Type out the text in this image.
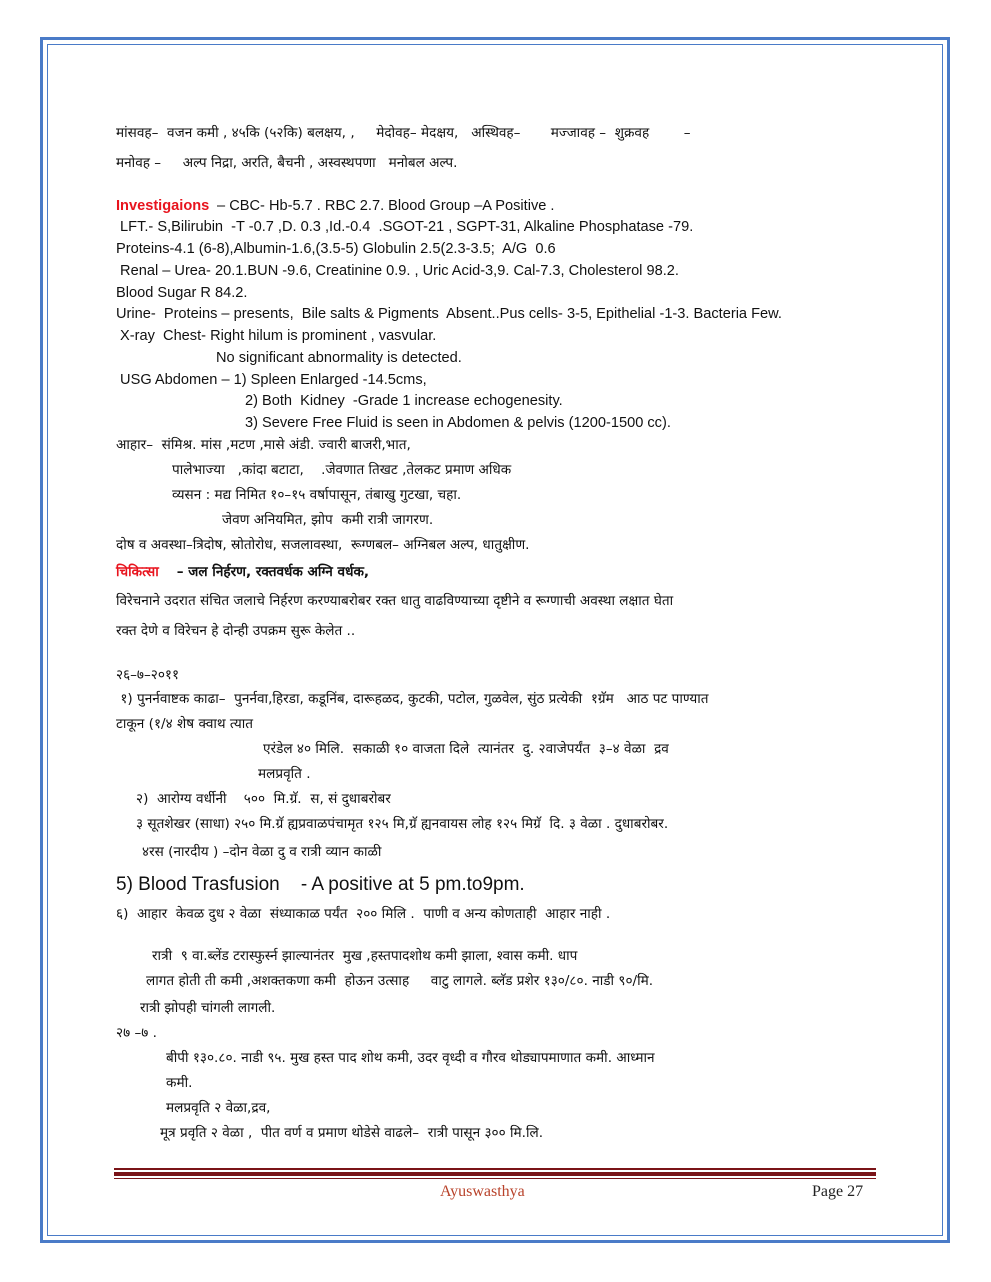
मांसवह–  वजन कमी , ४५कि (५२कि) बलक्षय, ,     मेदोवह– मेदक्षय,   अस्थिवह–       मज्जावह –  शुक्रवह        –
मनोवह –     अल्प निद्रा, अरति, बैचनी , अस्वस्थपणा   मनोबल अल्प.
Investigaions – CBC- Hb-5.7 . RBC 2.7. Blood Group –A Positive .
LFT.- S,Bilirubin  -T -0.7 ,D. 0.3 ,Id.-0.4  .SGOT-21 , SGPT-31, Alkaline Phosphatase -79.
Proteins-4.1 (6-8),Albumin-1.6,(3.5-5) Globulin 2.5(2.3-3.5;  A/G  0.6
Renal – Urea- 20.1.BUN -9.6, Creatinine 0.9. , Uric Acid-3,9. Cal-7.3, Cholesterol 98.2.
Blood Sugar R 84.2.
Urine-  Proteins – presents,  Bile salts & Pigments  Absent..Pus cells- 3-5, Epithelial -1-3. Bacteria Few.
X-ray  Chest- Right hilum is prominent , vasvular.
No significant abnormality is detected.
USG Abdomen – 1) Spleen Enlarged -14.5cms,
2) Both  Kidney  -Grade 1 increase echogenesity.
3) Severe Free Fluid is seen in Abdomen & pelvis (1200-1500 cc).
आहार–  संमिश्र. मांस ,मटण ,मासे अंडी. ज्वारी बाजरी,भात,
पालेभाज्या   ,कांदा बटाटा,    .जेवणात तिखट ,तेलकट प्रमाण अधिक
व्यसन : मद्य निमित १०–१५ वर्षापासून, तंबाखु गुटखा, चहा.
जेवण अनियमित, झोप  कमी रात्री जागरण.
दोष व अवस्था–त्रिदोष, स्रोतोरोध, सजलावस्था,  रूग्णबल– अग्निबल अल्प, धातुक्षीण.
चिकित्सा – जल निर्हरण, रक्तवर्धक अग्नि वर्धक,
विरेचनाने उदरात संचित जलाचे निर्हरण करण्याबरोबर रक्त धातु वाढविण्याच्या दृष्टीने व रूग्णाची अवस्था लक्षात घेता
रक्त देणे व विरेचन हे दोन्ही उपक्रम सुरू केलेत ..
२६–७–२०११
१) पुनर्नवाष्टक काढा–  पुनर्नवा,हिरडा, कडूनिंब, दारूहळद, कुटकी, पटोल, गुळवेल, सुंठ प्रत्येकी  १ग्रॅम   आठ पट पाण्यात
टाकून (१/४ शेष क्वाथ त्यात
एरंडेल ४० मिलि.  सकाळी १० वाजता दिले  त्यानंतर  दु. २वाजेपर्यंत  ३–४ वेळा  द्रव
मलप्रवृति .
२)  आरोग्य वर्धीनी    ५००  मि.ग्रॅ.  स, सं दुधाबरोबर
३ सूतशेखर (साधा) २५० मि.ग्रॅ ह्यप्रवाळपंचामृत १२५ मि,ग्रॅ ह्यनवायस लोह १२५ मिग्रॅ  दि. ३ वेळा . दुधाबरोबर.
४रस (नारदीय ) –दोन वेळा दु व रात्री व्यान काळी
5) Blood Trasfusion    - A positive at 5 pm.to9pm.
६)  आहार  केवळ दुध २ वेळा  संध्याकाळ पर्यंत  २०० मिलि .  पाणी व अन्य कोणताही  आहार नाही .
रात्री  ९ वा.ब्लेंड टरास्फुर्स्न झाल्यानंतर  मुख ,हस्तपादशोथ कमी झाला, श्वास कमी. धाप
लागत होती ती कमी ,अशक्तकणा कमी  होऊन उत्साह     वाटु लागले. ब्लॅड प्रशेर १३०/८०. नाडी ९०/मि.
रात्री झोपही चांगली लागली.
२७ –७ .
बीपी १३०.८०. नाडी ९५. मुख हस्त पाद शोथ कमी, उदर वृध्दी व गौरव थोड्यापमाणात कमी. आध्मान
कमी.
मलप्रवृति २ वेळा,द्रव,
मूत्र प्रवृति २ वेळा ,  पीत वर्ण व प्रमाण थोडेसे वाढले–  रात्री पासून ३०० मि.लि.
Ayuswasthya	Page 27
